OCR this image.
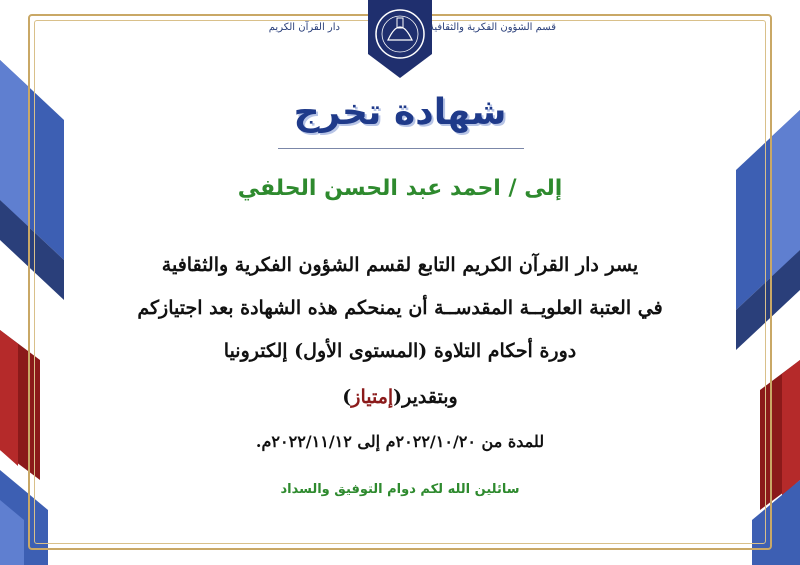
قسم الشؤون الفكرية والثقافية
دار القرآن الكريم
شهادة تخرج
إلى / احمد عبد الحسن الحلفي
يسر دار القرآن الكريم التابع لقسم الشؤون الفكرية والثقافية
في العتبة العلويــة المقدســة أن يمنحكم هذه الشهادة بعد اجتيازكم
دورة أحكام التلاوة (المستوى الأول) إلكترونيا
وبتقدير(إمتياز)
للمدة من ٢٠٢٢/١٠/٢٠م إلى ٢٠٢٢/١١/١٢م.
سائلين الله لكم دوام التوفيق والسداد
